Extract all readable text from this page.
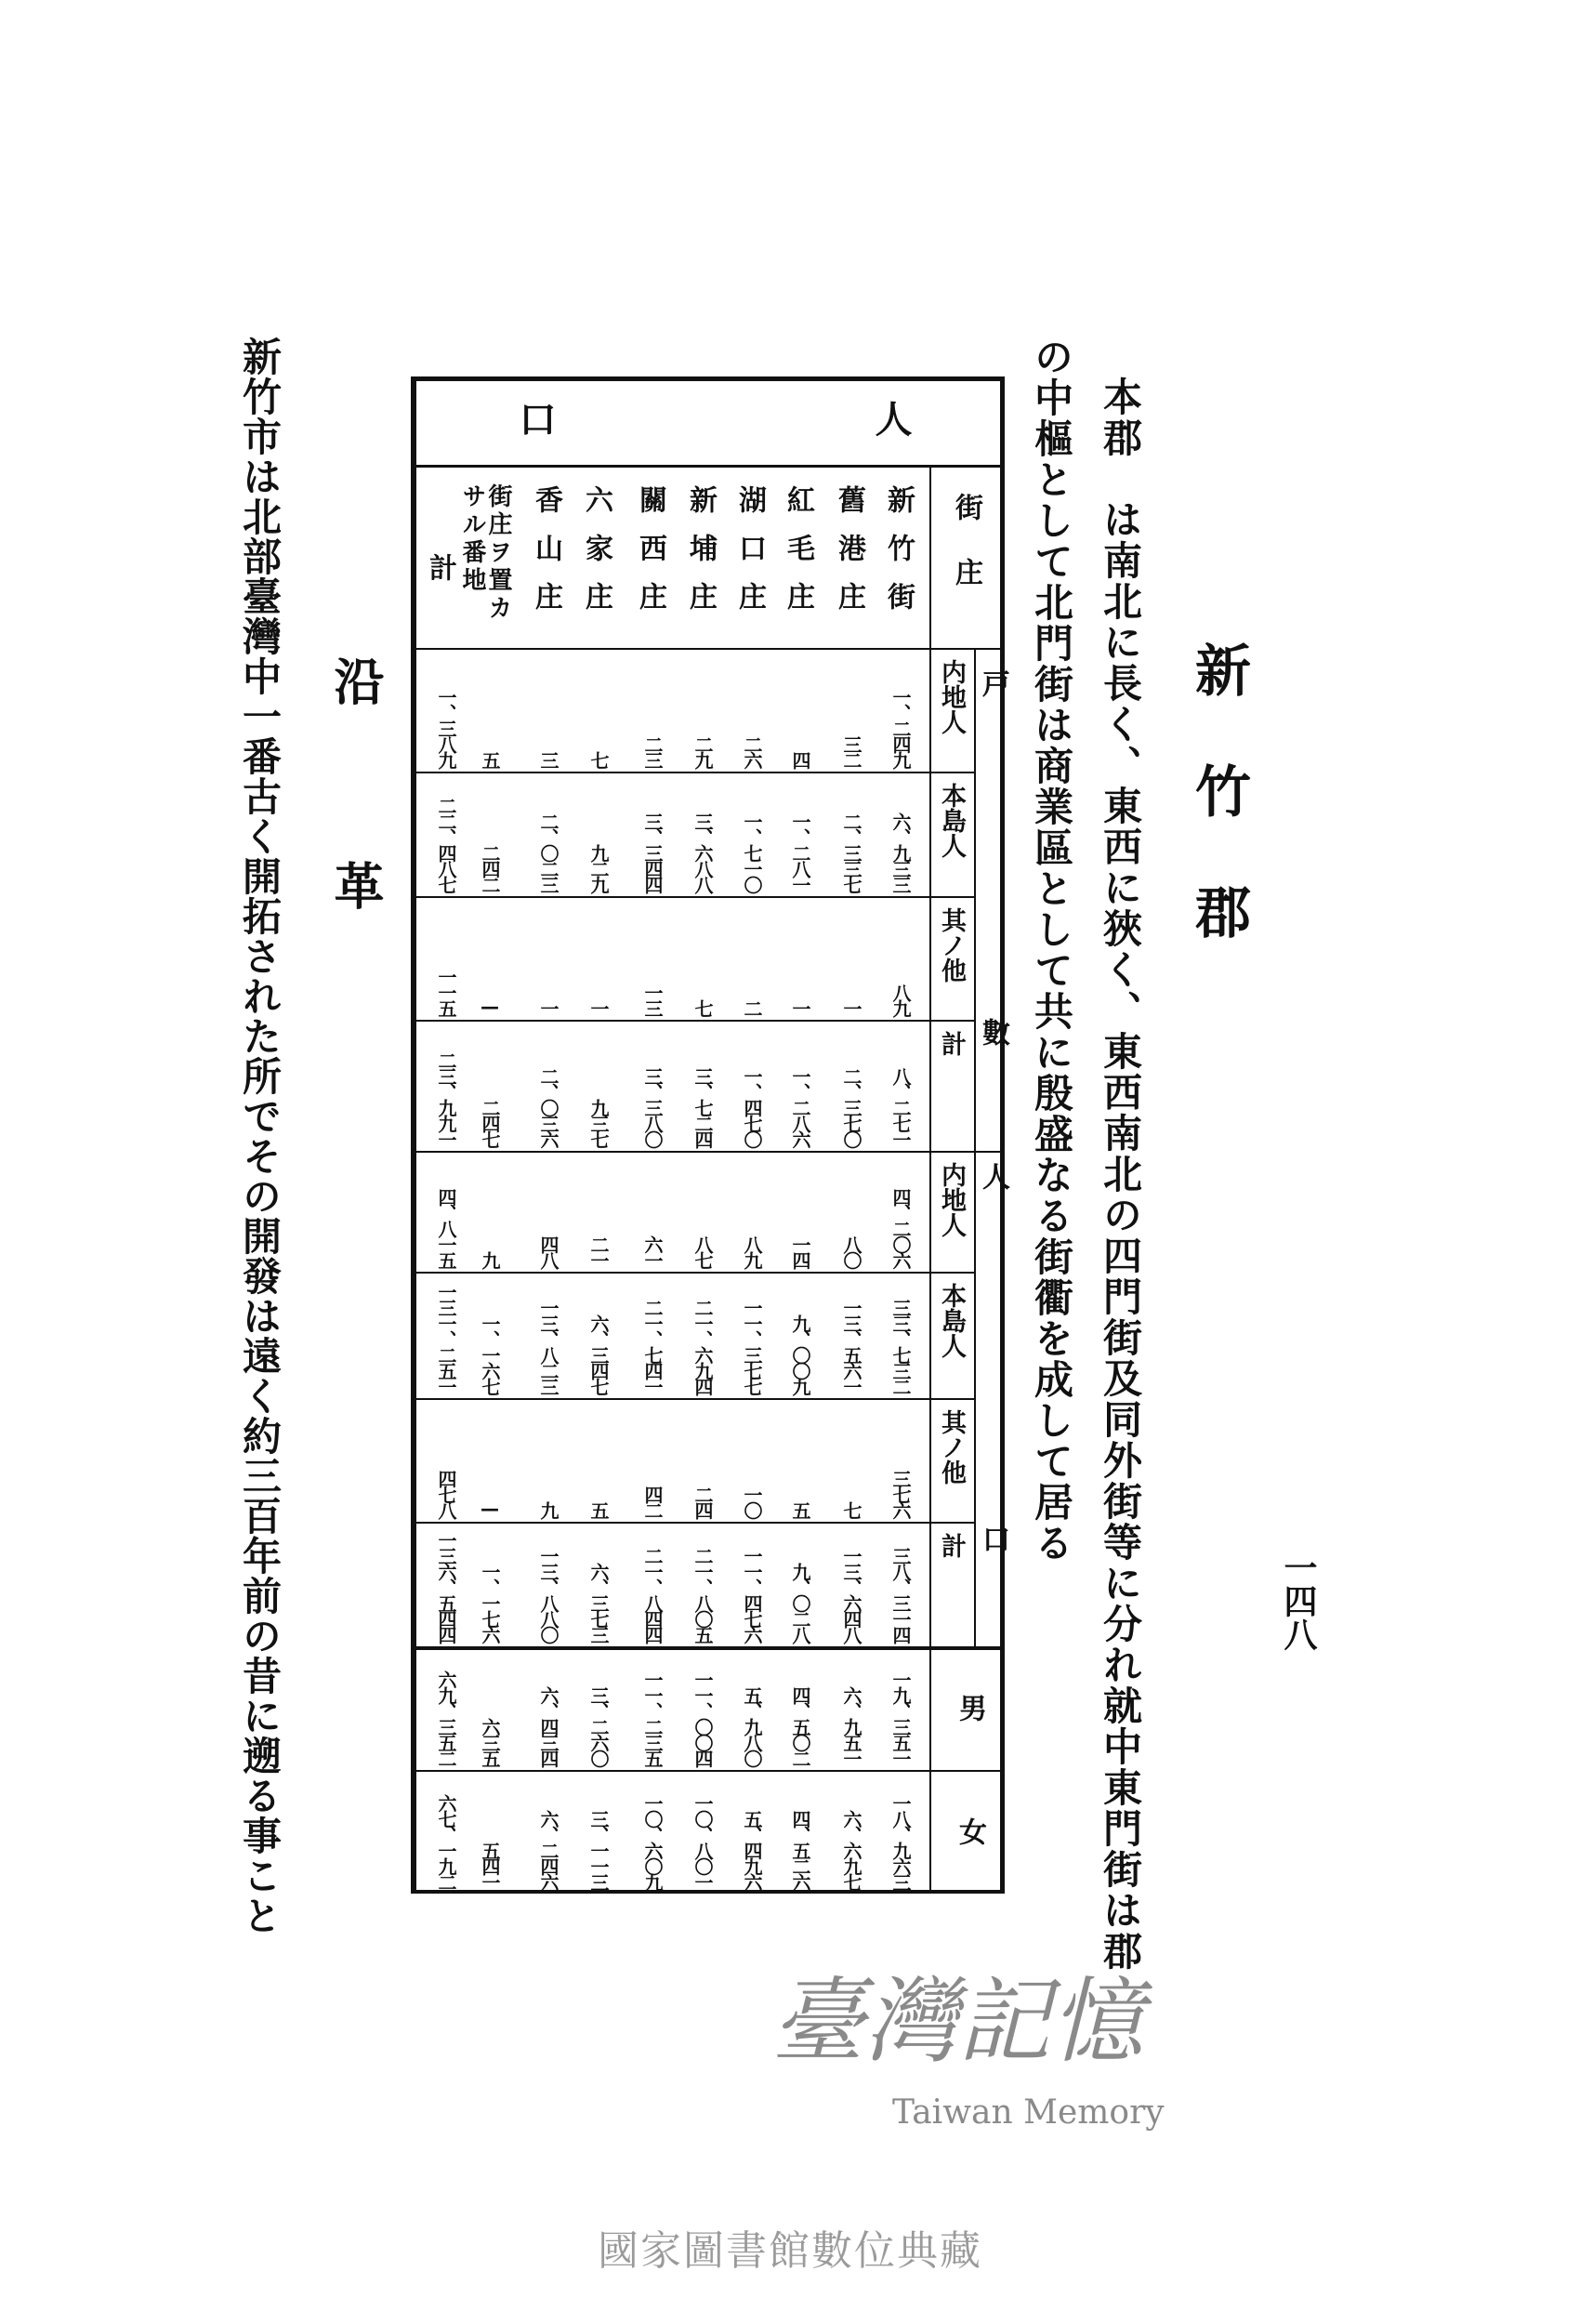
一四八
新竹郡
本郡　は南北に長く、東西に狹く、東西南北の四門街及同外街等に分れ就中東門街は郡
の中樞として北門街は商業區として共に殷盛なる街衢を成して居る
人
口
街庄
戸
數
人
口
内地人
本島人
其ノ他
計
内地人
本島人
其ノ他
計
男
女
新竹街
一、二四九
六、九三三
八九
八、二七一
四、二〇六
三三、七三二
三七六
三八、三一四
一九、三五一
一八、九六三
舊港庄
三二
二、三三七
一
二、三七〇
八〇
一三、五六一
七
一三、六四八
六、九五一
六、六九七
紅毛庄
四
一、二八一
一
一、二八六
一四
九、〇〇九
五
九、〇二八
四、五〇二
四、五二六
湖口庄
二六
一、七一〇
二
一、四七〇
八九
一一、三七七
一〇
一一、四七六
五、九八〇
五、四九六
新埔庄
二九
三、六八八
七
三、七二四
八七
二一、六九四
二四
二一、八〇五
一一、〇〇四
一〇、八〇一
關西庄
二三
三、三四四
一三
三、三八〇
六一
二一、七四一
四二
二一、八四四
一一、二三五
一〇、六〇九
六家庄
七
九二九
一
九三七
二一
六、三四七
五
六、三七三
三、二六〇
三、一一三
香山庄
三
二、〇二三
一
二、〇三六
四八
一三、八二三
九
一三、八八〇
六、四三四
六、二四六
街庄ヲ置カ
サル番地
五
二四二
—
二四七
九
一、一六七
—
一、一七六
六三五
五四一
計
一、三八九
二二、四八七
一一五
二三、九九一
四、八一五
一三一、二五一
四七八
一三六、五四四
六九、三五二
六七、一九二
沿
革
新竹市は北部臺灣中一番古く開拓された所でその開發は遠く約三百年前の昔に遡る事こと
臺灣記憶
Taiwan Memory
國家圖書館數位典藏
